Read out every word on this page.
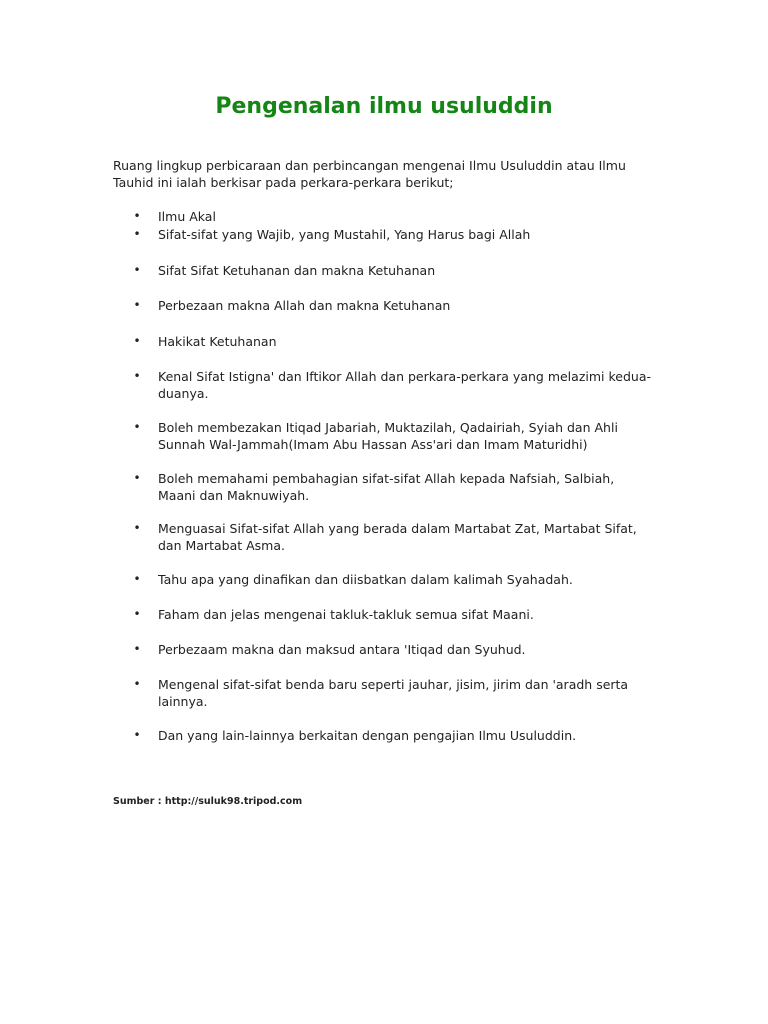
Pengenalan ilmu usuluddin

Ruang lingkup perbicaraan dan perbincangan mengenai Ilmu Usuluddin atau Ilmu Tauhid ini ialah berkisar pada perkara-perkara berikut;

• Ilmu Akal
• Sifat-sifat yang Wajib, yang Mustahil, Yang Harus bagi Allah
• Sifat Sifat Ketuhanan dan makna Ketuhanan
• Perbezaan makna Allah dan makna Ketuhanan
• Hakikat Ketuhanan
• Kenal Sifat Istigna' dan Iftikor Allah dan perkara-perkara yang melazimi kedua-duanya.
• Boleh membezakan Itiqad Jabariah, Muktazilah, Qadairiah, Syiah dan Ahli Sunnah Wal-Jammah(Imam Abu Hassan Ass'ari dan Imam Maturidhi)
• Boleh memahami pembahagian sifat-sifat Allah kepada Nafsiah, Salbiah, Maani dan Maknuwiyah.
• Menguasai Sifat-sifat Allah yang berada dalam Martabat Zat, Martabat Sifat, dan Martabat Asma.
• Tahu apa yang dinafikan dan diisbatkan dalam kalimah Syahadah.
• Faham dan jelas mengenai takluk-takluk semua sifat Maani.
• Perbezaam makna dan maksud antara 'Itiqad dan Syuhud.
• Mengenal sifat-sifat benda baru seperti jauhar, jisim, jirim dan 'aradh serta lainnya.
• Dan yang lain-lainnya berkaitan dengan pengajian Ilmu Usuluddin.

Sumber : http://suluk98.tripod.com
